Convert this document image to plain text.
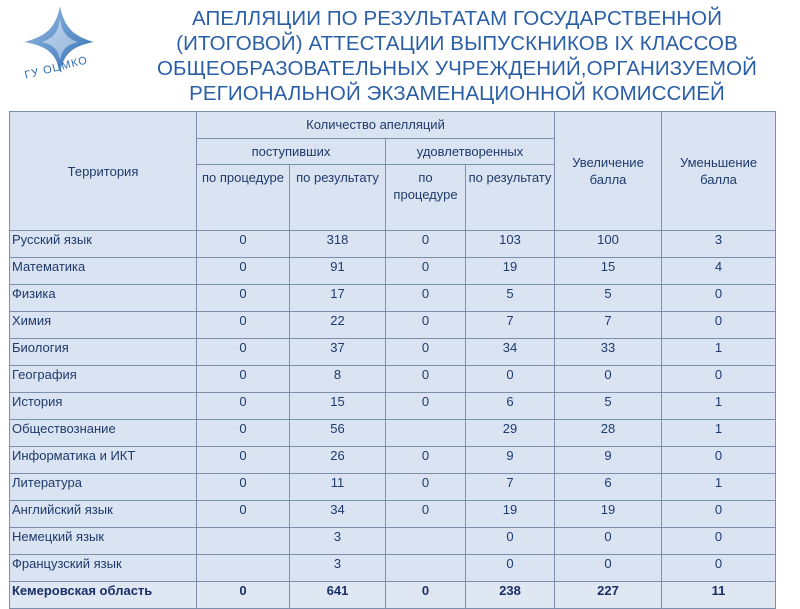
ГУ ОЦМКО
АПЕЛЛЯЦИИ ПО РЕЗУЛЬТАТАМ ГОСУДАРСТВЕННОЙ
(ИТОГОВОЙ) АТТЕСТАЦИИ ВЫПУСКНИКОВ IX КЛАССОВ
ОБЩЕОБРАЗОВАТЕЛЬНЫХ УЧРЕЖДЕНИЙ,ОРГАНИЗУЕМОЙ
РЕГИОНАЛЬНОЙ ЭКЗАМЕНАЦИОННОЙ КОМИССИЕЙ
Территория	Количество апелляций				Увеличение балла	Уменьшение балла
	поступивших		удовлетворенных			
	по процедуре	по результату	по процедуре	по результату		
Русский язык	0	318	0	103	100	3
Математика	0	91	0	19	15	4
Физика	0	17	0	5	5	0
Химия	0	22	0	7	7	0
Биология	0	37	0	34	33	1
География	0	8	0	0	0	0
История	0	15	0	6	5	1
Обществознание	0	56		29	28	1
Информатика и ИКТ	0	26	0	9	9	0
Литература	0	11	0	7	6	1
Английский язык	0	34	0	19	19	0
Немецкий язык		3		0	0	0
Французский язык		3		0	0	0
Кемеровская область	0	641	0	238	227	11
